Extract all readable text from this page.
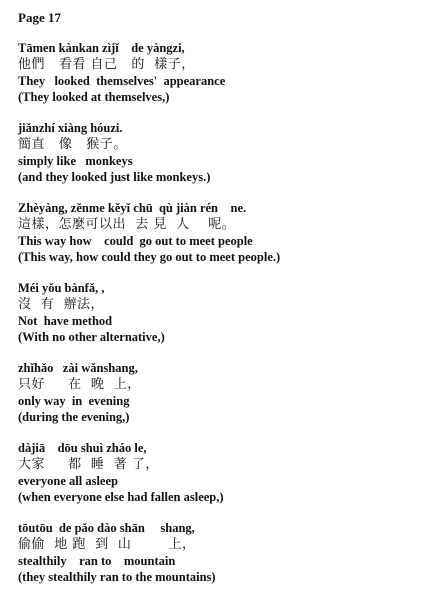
Page 17
Tāmen kànkan zìjǐ    de yàngzi,
他們   看看 自己   的  樣子，
They   looked  themselves'  appearance
(They looked at themselves,)
jiǎnzhí xiàng hóuzi.
簡直   像   猴子。
simply like   monkeys
(and they looked just like monkeys.)
Zhèyàng, zěnme kěyǐ chū  qù jiàn rén    ne.
這樣，怎麼可以出  去 見  人    呢。
This way how    could  go out to meet people
(This way, how could they go out to meet people.)
Méi yǒu bànfǎ, ,
沒  有  辦法，
Not  have method
(With no other alternative,)
zhǐhǎo   zài wǎnshang,
只好     在  晚  上，
only way  in  evening
(during the evening,)
dàjiā    dōu shuì zháo le,
大家     都  睡  著 了，
everyone all asleep
(when everyone else had fallen asleep,)
tōutōu  de pǎo dào shān     shang,
偷偷  地 跑  到  山        上，
stealthily    ran to    mountain
(they stealthily ran to the mountains)
